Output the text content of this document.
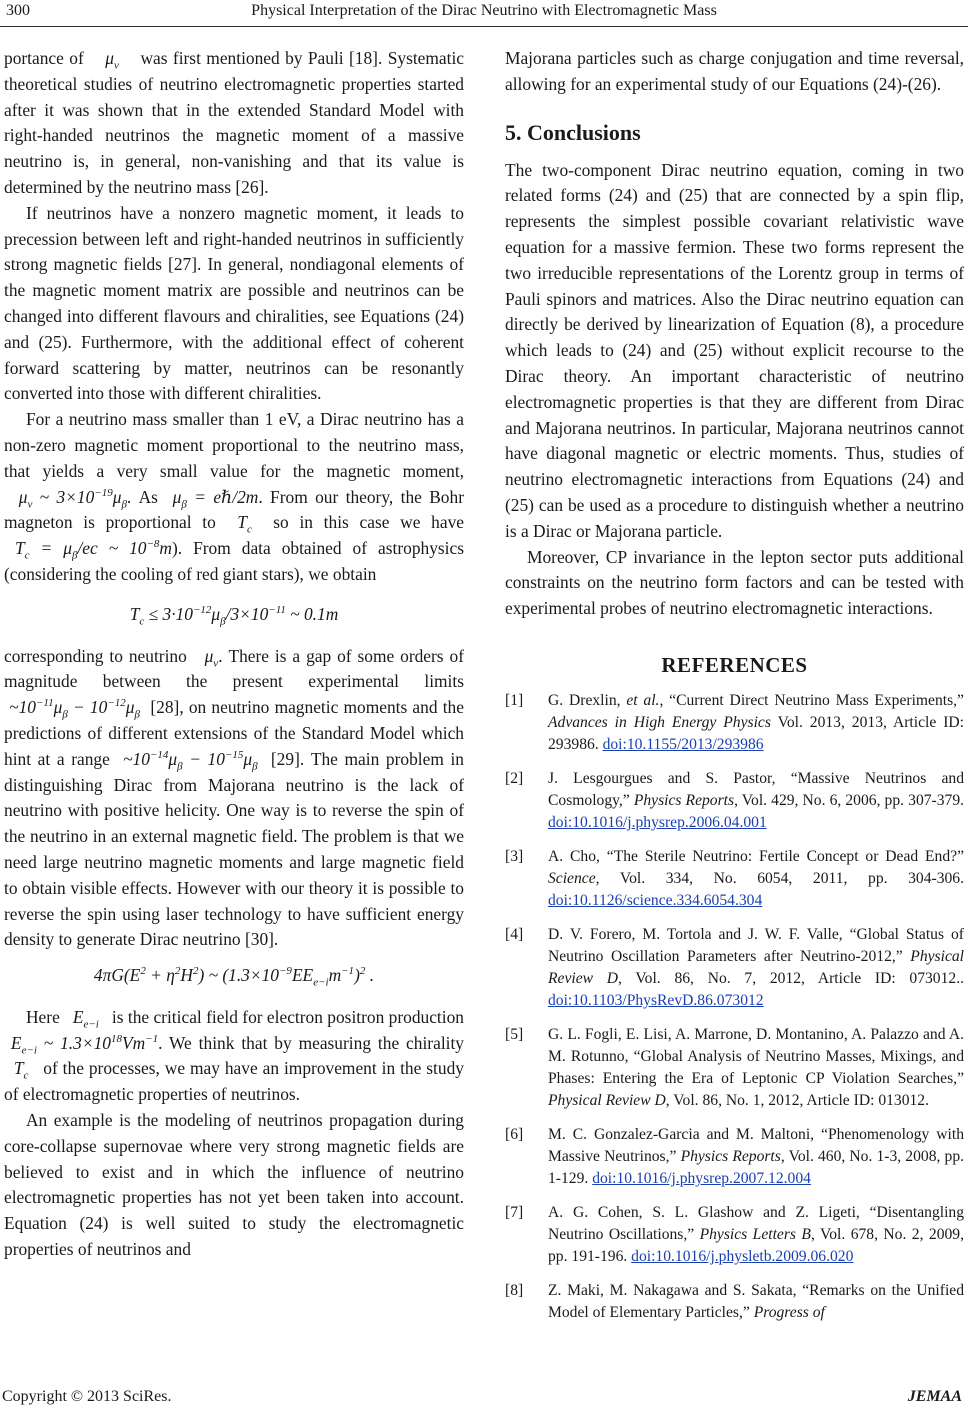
300	Physical Interpretation of the Dirac Neutrino with Electromagnetic Mass

portance of    $\mu_\nu$ was first mentioned by Pauli [18]. Systematic theoretical studies of neutrino electromagnetic properties started after it was shown that in the extended Standard Model with right-handed neutrinos the magnetic moment of a massive neutrino is, in general, non-vanishing and that its value is determined by the neutrino mass [26].

If neutrinos have a nonzero magnetic moment, it leads to precession between left and right-handed neutrinos in sufficiently strong magnetic fields [27]. In general, nondiagonal elements of the magnetic moment matrix are possible and neutrinos can be changed into different flavours and chiralities, see Equations (24) and (25). Furthermore, with the additional effect of coherent forward scattering by matter, neutrinos can be resonantly converted into those with different chiralities.

For a neutrino mass smaller than 1 eV, a Dirac neutrino has a non-zero magnetic moment proportional to the neutrino mass, that yields a very small value for the magnetic moment,   $\mu_\nu$ ~ $3\times 10^{-19}\mu_\beta$. As  $\mu_\beta$ = eℏ/2m. From our theory, the Bohr magneton is proportional to  $T_c$ so in this case we have  $T_c = \mu_\beta/ec$ ~ $10^{-8}m$). From data obtained of astrophysics (considering the cooling of red giant stars), we obtain

$T_c \le 3\cdot 10^{-12}\mu_\beta/3\times 10^{-11}$ ~ 0.1m

corresponding to neutrino   $\mu_\nu$. There is a gap of some orders of magnitude between the present experimental limits  $\sim 10^{-11}\mu_\beta - 10^{-12}\mu_\beta$ [28], on neutrino magnetic moments and the predictions of different extensions of the Standard Model which hint at a range  $\sim 10^{-14}\mu_\beta - 10^{-15}\mu_\beta$ [29]. The main problem in distinguishing Dirac from Majorana neutrino is the lack of neutrino with positive helicity. One way is to reverse the spin of the neutrino in an external magnetic field. The problem is that we need large neutrino magnetic moments and large magnetic field to obtain visible effects. However with our theory it is possible to reverse the spin using laser technology to have sufficient energy density to generate Dirac neutrino [30].

$4\pi G(E^2 + \eta^2H^2)$ ~ $(1.3\times 10^{-9}EE_{e-i}m^{-1})^2$ .

Here   $E_{e-i}$ is the critical field for electron positron production  $E_{e-i}$ ~ $1.3\times 10^{18}Vm^{-1}$. We think that by measuring the chirality   $T_c$ of the processes, we may have an improvement in the study of electromagnetic properties of neutrinos.

An example is the modeling of neutrinos propagation during core-collapse supernovae where very strong magnetic fields are believed to exist and in which the influence of neutrino electromagnetic properties has not yet been taken into account. Equation (24) is well suited to study the electromagnetic properties of neutrinos and

Majorana particles such as charge conjugation and time reversal, allowing for an experimental study of our Equations (24)-(26).

5. Conclusions

The two-component Dirac neutrino equation, coming in two related forms (24) and (25) that are connected by a spin flip, represents the simplest possible covariant relativistic wave equation for a massive fermion. These two forms represent the two irreducible representations of the Lorentz group in terms of Pauli spinors and matrices. Also the Dirac neutrino equation can directly be derived by linearization of Equation (8), a procedure which leads to (24) and (25) without explicit recourse to the Dirac theory. An important characteristic of neutrino electromagnetic properties is that they are different from Dirac and Majorana neutrinos. In particular, Majorana neutrinos cannot have diagonal magnetic or electric moments. Thus, studies of neutrino electromagnetic interactions from Equations (24) and (25) can be used as a procedure to distinguish whether a neutrino is a Dirac or Majorana particle.

Moreover, CP invariance in the lepton sector puts additional constraints on the neutrino form factors and can be tested with experimental probes of neutrino electromagnetic interactions.

REFERENCES
[1] G. Drexlin, et al., “Current Direct Neutrino Mass Experiments,” Advances in High Energy Physics Vol. 2013, 2013, Article ID: 293986. doi:10.1155/2013/293986
[2] J. Lesgourgues and S. Pastor, “Massive Neutrinos and Cosmology,” Physics Reports, Vol. 429, No. 6, 2006, pp. 307-379. doi:10.1016/j.physrep.2006.04.001
[3] A. Cho, “The Sterile Neutrino: Fertile Concept or Dead End?” Science, Vol. 334, No. 6054, 2011, pp. 304-306. doi:10.1126/science.334.6054.304
[4] D. V. Forero, M. Tortola and J. W. F. Valle, “Global Status of Neutrino Oscillation Parameters after Neutrino-2012,” Physical Review D, Vol. 86, No. 7, 2012, Article ID: 073012.. doi:10.1103/PhysRevD.86.073012
[5] G. L. Fogli, E. Lisi, A. Marrone, D. Montanino, A. Palazzo and A. M. Rotunno, “Global Analysis of Neutrino Masses, Mixings, and Phases: Entering the Era of Leptonic CP Violation Searches,” Physical Review D, Vol. 86, No. 1, 2012, Article ID: 013012.
[6] M. C. Gonzalez-Garcia and M. Maltoni, “Phenomenology with Massive Neutrinos,” Physics Reports, Vol. 460, No. 1-3, 2008, pp. 1-129. doi:10.1016/j.physrep.2007.12.004
[7] A. G. Cohen, S. L. Glashow and Z. Ligeti, “Disentangling Neutrino Oscillations,” Physics Letters B, Vol. 678, No. 2, 2009, pp. 191-196. doi:10.1016/j.physletb.2009.06.020
[8] Z. Maki, M. Nakagawa and S. Sakata, “Remarks on the Unified Model of Elementary Particles,” Progress of
Copyright © 2013 SciRes.	JEMAA
